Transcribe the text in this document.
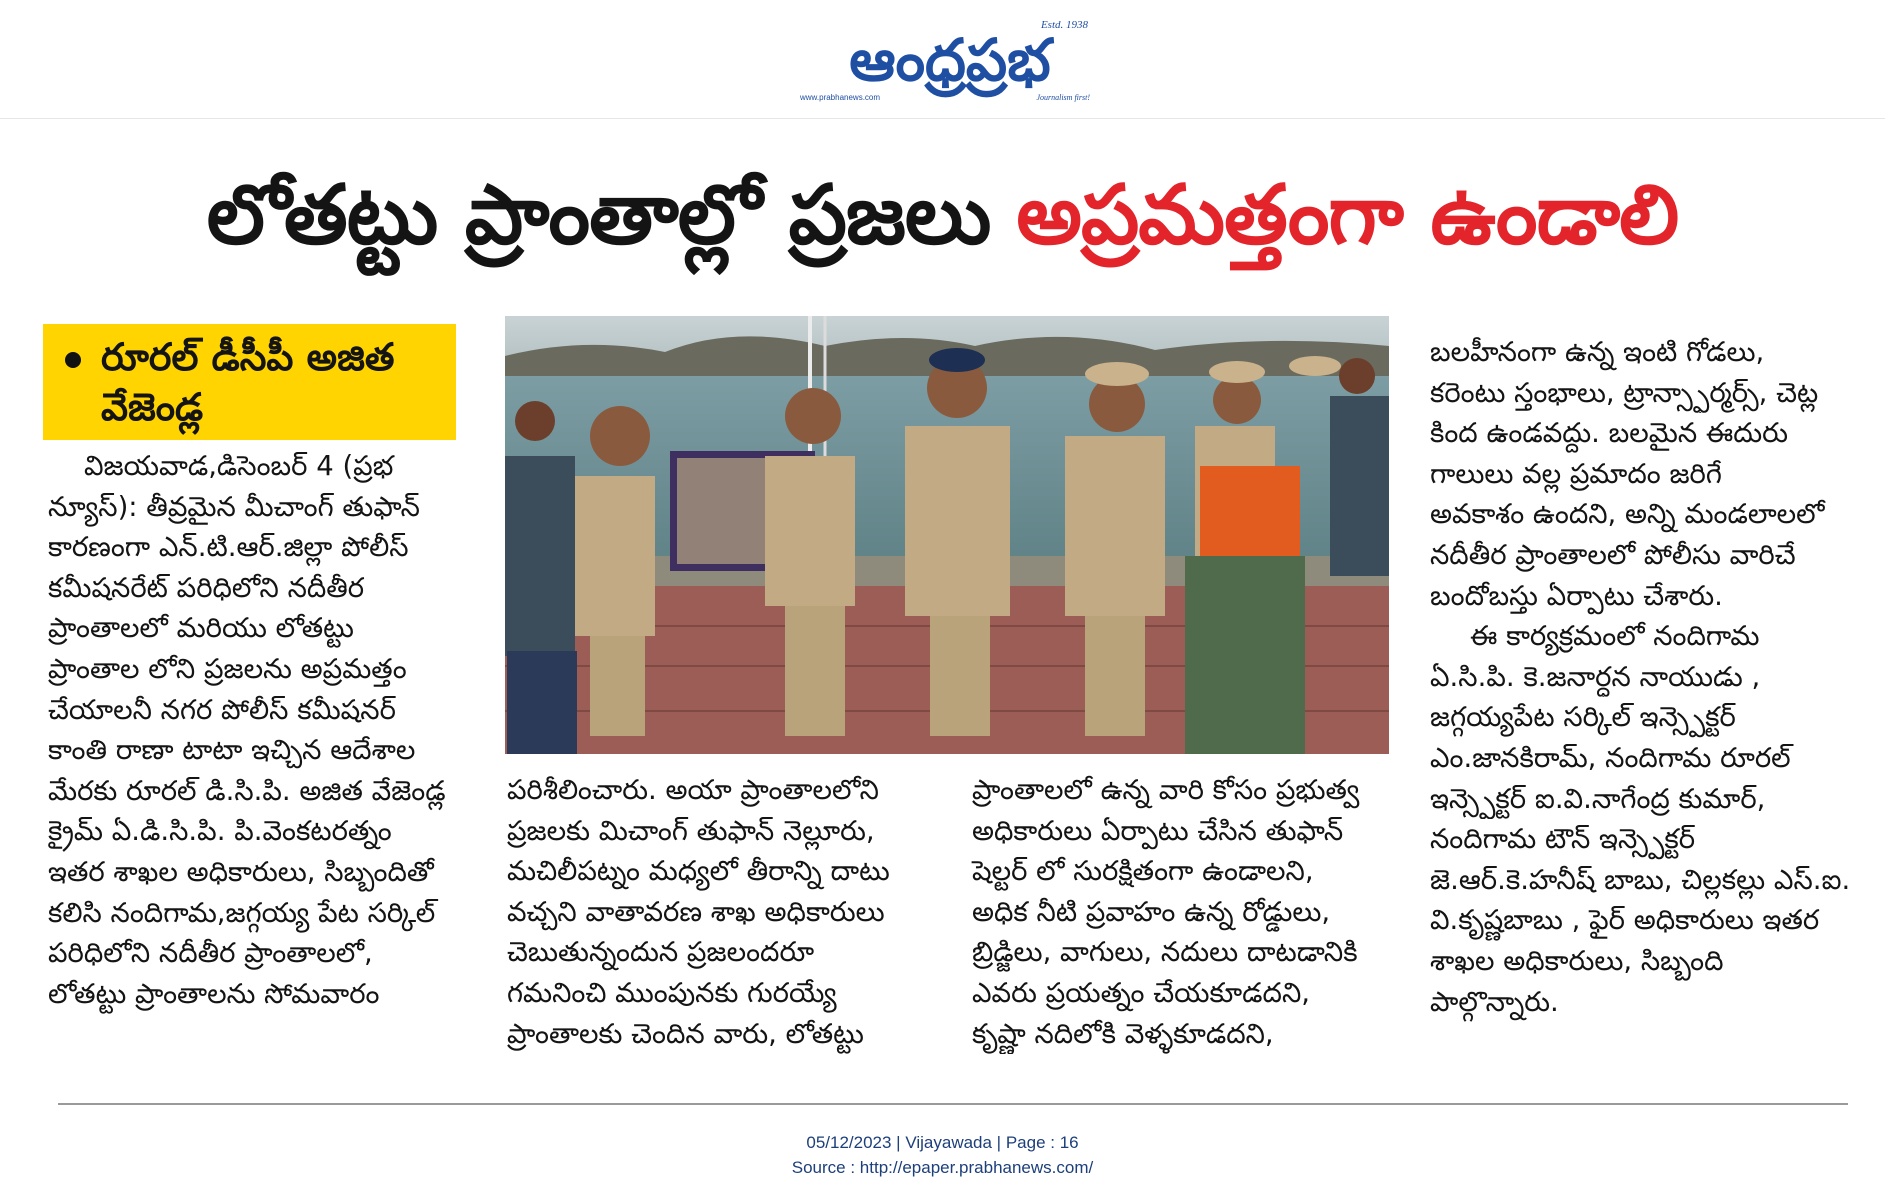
ఆంధ్రప్రభ
Estd. 1938
www.prabhanews.com	Journalism first!
లోతట్టు ప్రాంతాల్లో ప్రజలు అప్రమత్తంగా ఉండాలి
రూరల్ డీసీపీ అజిత
వేజెండ్ల
విజయవాడ,డిసెంబర్ 4 (ప్రభ
న్యూస్): తీవ్రమైన మీచాంగ్ తుఫాన్
కారణంగా ఎన్.టి.ఆర్.జిల్లా పోలీస్
కమీషనరేట్ పరిధిలోని నదీతీర
ప్రాంతాలలో మరియు లోతట్టు
ప్రాంతాల లోని ప్రజలను అప్రమత్తం
చేయాలనీ నగర పోలీస్ కమీషనర్
కాంతి రాణా టాటా ఇచ్చిన ఆదేశాల
మేరకు రూరల్ డి.సి.పి. అజిత వేజెండ్ల
క్రైమ్ ఏ.డి.సి.పి. పి.వెంకటరత్నం
ఇతర శాఖల అధికారులు, సిబ్బందితో
కలిసి నందిగామ,జగ్గయ్య పేట సర్కిల్
పరిధిలోని నదీతీర ప్రాంతాలలో,
లోతట్టు ప్రాంతాలను సోమవారం
పరిశీలించారు. అయా ప్రాంతాలలోని
ప్రజలకు మిచాంగ్ తుఫాన్ నెల్లూరు,
మచిలీపట్నం మధ్యలో తీరాన్ని దాటు
వచ్చని వాతావరణ శాఖ అధికారులు
చెబుతున్నందున ప్రజలందరూ
గమనించి ముంపునకు గురయ్యే
ప్రాంతాలకు చెందిన వారు, లోతట్టు
ప్రాంతాలలో ఉన్న వారి కోసం ప్రభుత్వ
అధికారులు ఏర్పాటు చేసిన తుఫాన్
షెల్టర్ లో సురక్షితంగా ఉండాలని,
అధిక నీటి ప్రవాహం ఉన్న రోడ్డులు,
బ్రిడ్జిలు, వాగులు, నదులు దాటడానికి
ఎవరు ప్రయత్నం చేయకూడదని,
కృష్ణా నదిలోకి వెళ్ళకూడదని,
బలహీనంగా ఉన్న ఇంటి గోడలు,
కరెంటు స్తంభాలు, ట్రాన్స్ఫార్మర్స్, చెట్ల
కింద ఉండవద్దు. బలమైన ఈదురు
గాలులు వల్ల ప్రమాదం జరిగే
అవకాశం ఉందని, అన్ని మండలాలలో
నదీతీర ప్రాంతాలలో పోలీసు వారిచే
బందోబస్తు ఏర్పాటు చేశారు.
ఈ కార్యక్రమంలో నందిగామ
ఏ.సి.పి. కె.జనార్ధన నాయుడు ,
జగ్గయ్యపేట సర్కిల్ ఇన్స్పెక్టర్
ఎం.జానకిరామ్, నందిగామ రూరల్
ఇన్స్పెక్టర్ ఐ.వి.నాగేంద్ర కుమార్,
నందిగామ టౌన్ ఇన్స్పెక్టర్
జె.ఆర్.కె.హనీష్ బాబు, చిల్లకల్లు ఎస్.ఐ.
వి.కృష్ణబాబు , ఫైర్ అధికారులు ఇతర
శాఖల అధికారులు, సిబ్బంది
పాల్గొన్నారు.
05/12/2023 | Vijayawada | Page : 16
Source : http://epaper.prabhanews.com/
